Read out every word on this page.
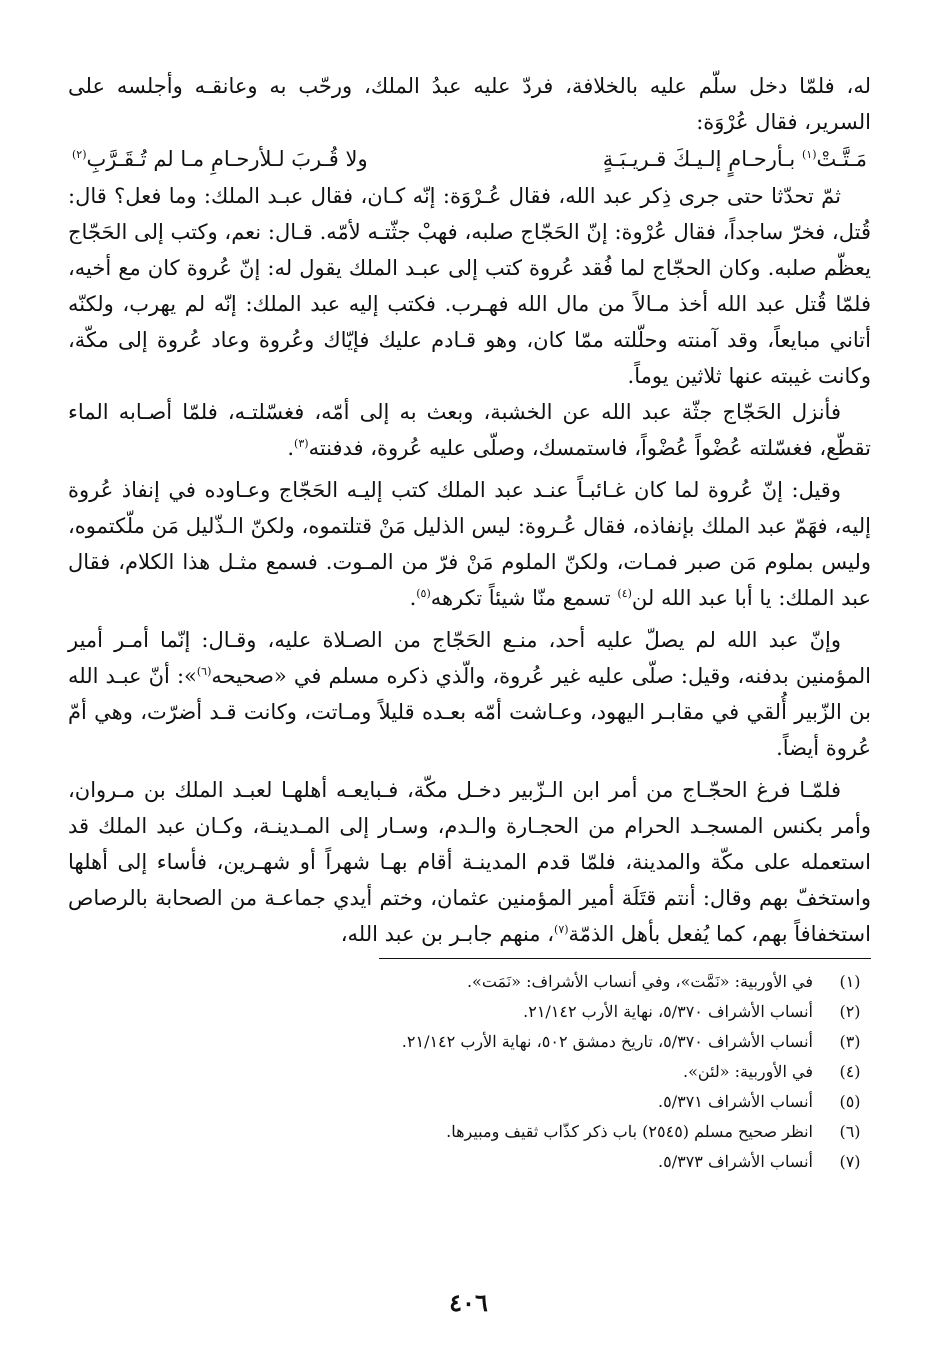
له، فلمّا دخل سلّم عليه بالخلافة، فردّ عليه عبدُ الملك، ورحّب به وعانقـه وأجلسه على السرير، فقال عُرْوَة:

مَـتَّـتْ$^{(١)}$ بـأرحـامٍ إلـيـكَ قـريـبَـةٍ
ولا قُـربَ لـلأرحـامِ مـا لم تُـقَـرَّبِ$^{(٢)}$

ثمّ تحدّثا حتى جرى ذِكر عبد الله، فقال عُـرْوَة: إنّه كـان، فقال عبـد الملك: وما فعل؟ قال: قُتل، فخرّ ساجداً، فقال عُرْوة: إنّ الحَجّاج صلبه، فهبْ جثّتـه لأمّه. قـال: نعم، وكتب إلى الحَجّاج يعظّم صلبه. وكان الحجّاج لما فُقد عُروة كتب إلى عبـد الملك يقول له: إنّ عُروة كان مع أخيه، فلمّا قُتل عبد الله أخذ مـالاً من مال الله فهـرب. فكتب إليه عبد الملك: إنّه لم يهرب، ولكنّه أتاني مبايعاً، وقد آمنته وحلّلته ممّا كان، وهو قـادم عليك فإيّاك وعُروة وعاد عُروة إلى مكّة، وكانت غيبته عنها ثلاثين يوماً.

فأنزل الحَجّاج جثّة عبد الله عن الخشبة، وبعث به إلى أمّه، فغسّلتـه، فلمّا أصـابه الماء تقطّع، فغسّلته عُضْواً عُضْواً، فاستمسك، وصلّى عليه عُروة، فدفنته$^{(٣)}$.

وقيل: إنّ عُروة لما كان غـائبـاً عنـد عبد الملك كتب إليـه الحَجّاج وعـاوده في إنفاذ عُروة إليه، فهَمّ عبد الملك بإنفاذه، فقال عُـروة: ليس الذليل مَنْ قتلتموه، ولكنّ الـذّليل مَن ملّكتموه، وليس بملوم مَن صبر فمـات، ولكنّ الملوم مَنْ فرّ من المـوت. فسمع مثـل هذا الكلام، فقال عبد الملك: يا أبا عبد الله لن$^{(٤)}$ تسمع منّا شيئاً تكرهه$^{(٥)}$.

وإنّ عبد الله لم يصلّ عليه أحد، منـع الحَجّاج من الصـلاة عليه، وقـال: إنّما أمـر أمير المؤمنين بدفنه، وقيل: صلّى عليه غير عُروة، والّذي ذكره مسلم في «صحيحه$^{(٦)}$»: أنّ عبـد الله بن الزّبير أُلقي في مقابـر اليهود، وعـاشت أمّه بعـده قليلاً ومـاتت، وكانت قـد أضرّت، وهي أمّ عُروة أيضاً.

فلمّـا فرغ الحجّـاج من أمر ابن الـزّبير دخـل مكّة، فـبايعـه أهلهـا لعبـد الملك بن مـروان، وأمر بكنس المسجـد الحرام من الحجـارة والـدم، وسـار إلى المـدينـة، وكـان عبد الملك قد استعمله على مكّة والمدينة، فلمّا قدم المدينـة أقام بهـا شهراً أو شهـرين، فأساء إلى أهلها واستخفّ بهم وقال: أنتم قتَلَة أمير المؤمنين عثمان، وختم أيدي جماعـة من الصحابة بالرصاص استخفافاً بهم، كما يُفعل بأهل الذمّة$^{(٧)}$، منهم جابـر بن عبد الله،

(١)
في الأوربية: «نَمَّت»، وفي أنساب الأشراف: «نَمَت».
(٢)
أنساب الأشراف ٥/٣٧٠، نهاية الأرب ٢١/١٤٢.
(٣)
أنساب الأشراف ٥/٣٧٠، تاريخ دمشق ٥٠٢، نهاية الأرب ٢١/١٤٢.
(٤)
في الأوربية: «لئن».
(٥)
أنساب الأشراف ٥/٣٧١.
(٦)
انظر صحيح مسلم (٢٥٤٥) باب ذكر كذّاب ثقيف ومبيرها.
(٧)
أنساب الأشراف ٥/٣٧٣.
٤٠٦
